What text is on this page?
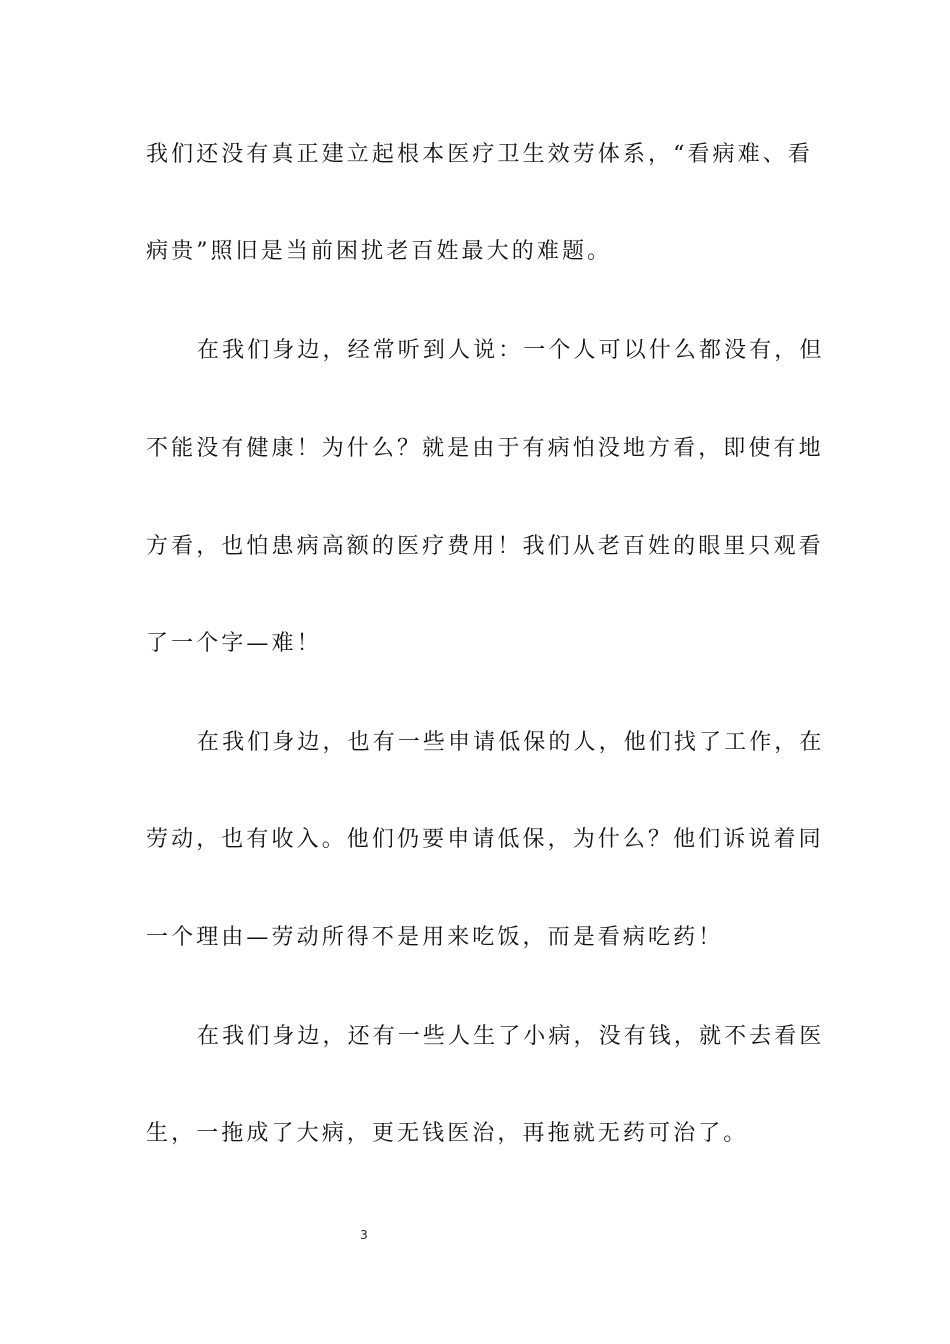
我们还没有真正建立起根本医疗卫生效劳体系，“看病难、看
病贵”照旧是当前困扰老百姓最大的难题。
在我们身边，经常听到人说：一个人可以什么都没有，但
不能没有健康！为什么？就是由于有病怕没地方看，即使有地
方看，也怕患病高额的医疗费用！我们从老百姓的眼里只观看
了一个字—难！
在我们身边，也有一些申请低保的人，他们找了工作，在
劳动，也有收入。他们仍要申请低保，为什么？他们诉说着同
一个理由—劳动所得不是用来吃饭，而是看病吃药！
在我们身边，还有一些人生了小病，没有钱，就不去看医
生，一拖成了大病，更无钱医治，再拖就无药可治了。
3
